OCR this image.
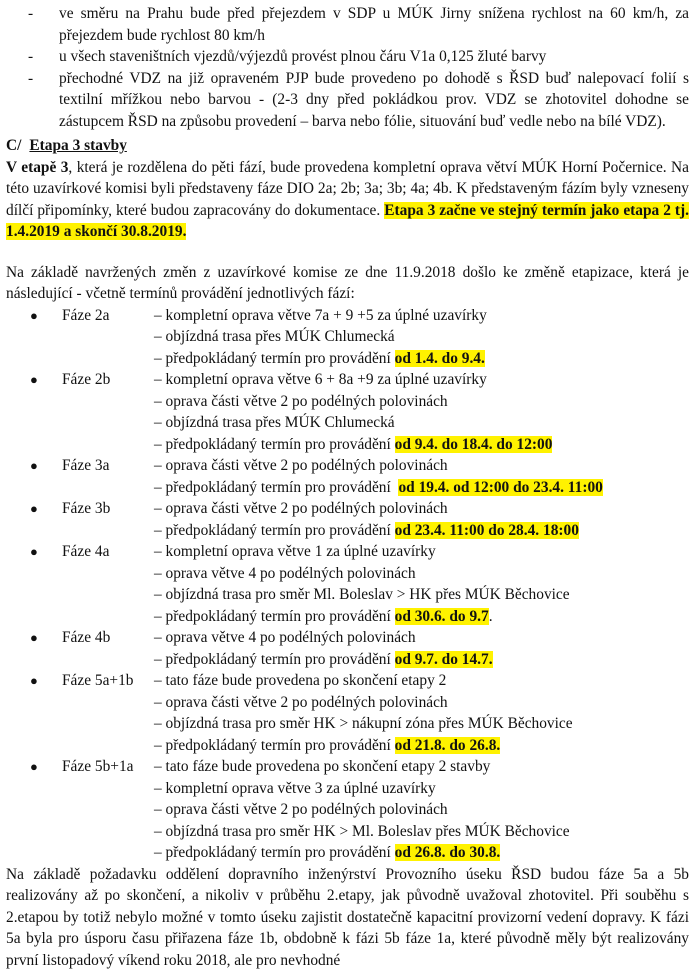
- ve směru na Prahu bude před přejezdem v SDP u MÚK Jirny snížena rychlost na 60 km/h, za přejezdem bude rychlost 80 km/h
- u všech staveništních vjezdů/výjezdů provést plnou čáru V1a 0,125 žluté barvy
- přechodné VDZ na již opraveném PJP bude provedeno po dohodě s ŘSD buď nalepovací folií s textilní mřížkou nebo barvou - (2-3 dny před pokládkou prov. VDZ se zhotovitel dohodne se zástupcem ŘSD na způsobu provedení – barva nebo fólie, situování buď vedle nebo na bílé VDZ).
C/ Etapa 3 stavby

V etapě 3, která je rozdělena do pěti fází, bude provedena kompletní oprava větví MÚK Horní Počernice. Na této uzavírkové komisi byli představeny fáze DIO 2a; 2b; 3a; 3b; 4a; 4b. K představeným fázím byly vzneseny dílčí připomínky, které budou zapracovány do dokumentace. Etapa 3 začne ve stejný termín jako etapa 2 tj. 1.4.2019 a skončí 30.8.2019.

Na základě navržených změn z uzavírkové komise ze dne 11.9.2018 došlo ke změně etapizace, která je následující - včetně termínů provádění jednotlivých fází:

●	Fáze 2a	– kompletní oprava větve 7a + 9 +5 za úplné uzavírky
– objízdná trasa přes MÚK Chlumecká
– předpokládaný termín pro provádění od 1.4. do 9.4.
●	Fáze 2b	– kompletní oprava větve 6 + 8a +9 za úplné uzavírky
– oprava části větve 2 po podélných polovinách
– objízdná trasa přes MÚK Chlumecká
– předpokládaný termín pro provádění od 9.4. do 18.4. do 12:00
●	Fáze 3a	– oprava části větve 2 po podélných polovinách
– předpokládaný termín pro provádění  od 19.4. od 12:00 do 23.4. 11:00
●	Fáze 3b	– oprava části větve 2 po podélných polovinách
– předpokládaný termín pro provádění od 23.4. 11:00 do 28.4. 18:00
●	Fáze 4a	– kompletní oprava větve 1 za úplné uzavírky
– oprava větve 4 po podélných polovinách
– objízdná trasa pro směr Ml. Boleslav > HK přes MÚK Běchovice
– předpokládaný termín pro provádění od 30.6. do 9.7.
●	Fáze 4b	– oprava větve 4 po podélných polovinách
– předpokládaný termín pro provádění od 9.7. do 14.7.
●	Fáze 5a+1b	– tato fáze bude provedena po skončení etapy 2
– oprava části větve 2 po podélných polovinách
– objízdná trasa pro směr HK > nákupní zóna přes MÚK Běchovice
– předpokládaný termín pro provádění od 21.8. do 26.8.
●	Fáze 5b+1a	– tato fáze bude provedena po skončení etapy 2 stavby
– kompletní oprava větve 3 za úplné uzavírky
– oprava části větve 2 po podélných polovinách
– objízdná trasa pro směr HK > Ml. Boleslav přes MÚK Běchovice
– předpokládaný termín pro provádění od 26.8. do 30.8.

Na základě požadavku oddělení dopravního inženýrství Provozního úseku ŘSD budou fáze 5a a 5b realizovány až po skončení, a nikoliv v průběhu 2.etapy, jak původně uvažoval zhotovitel. Při souběhu s 2.etapou by totiž nebylo možné v tomto úseku zajistit dostatečně kapacitní provizorní vedení dopravy. K fázi 5a byla pro úsporu času přiřazena fáze 1b, obdobně k fázi 5b fáze 1a, které původně měly být realizovány první listopadový víkend roku 2018, ale pro nevhodné
